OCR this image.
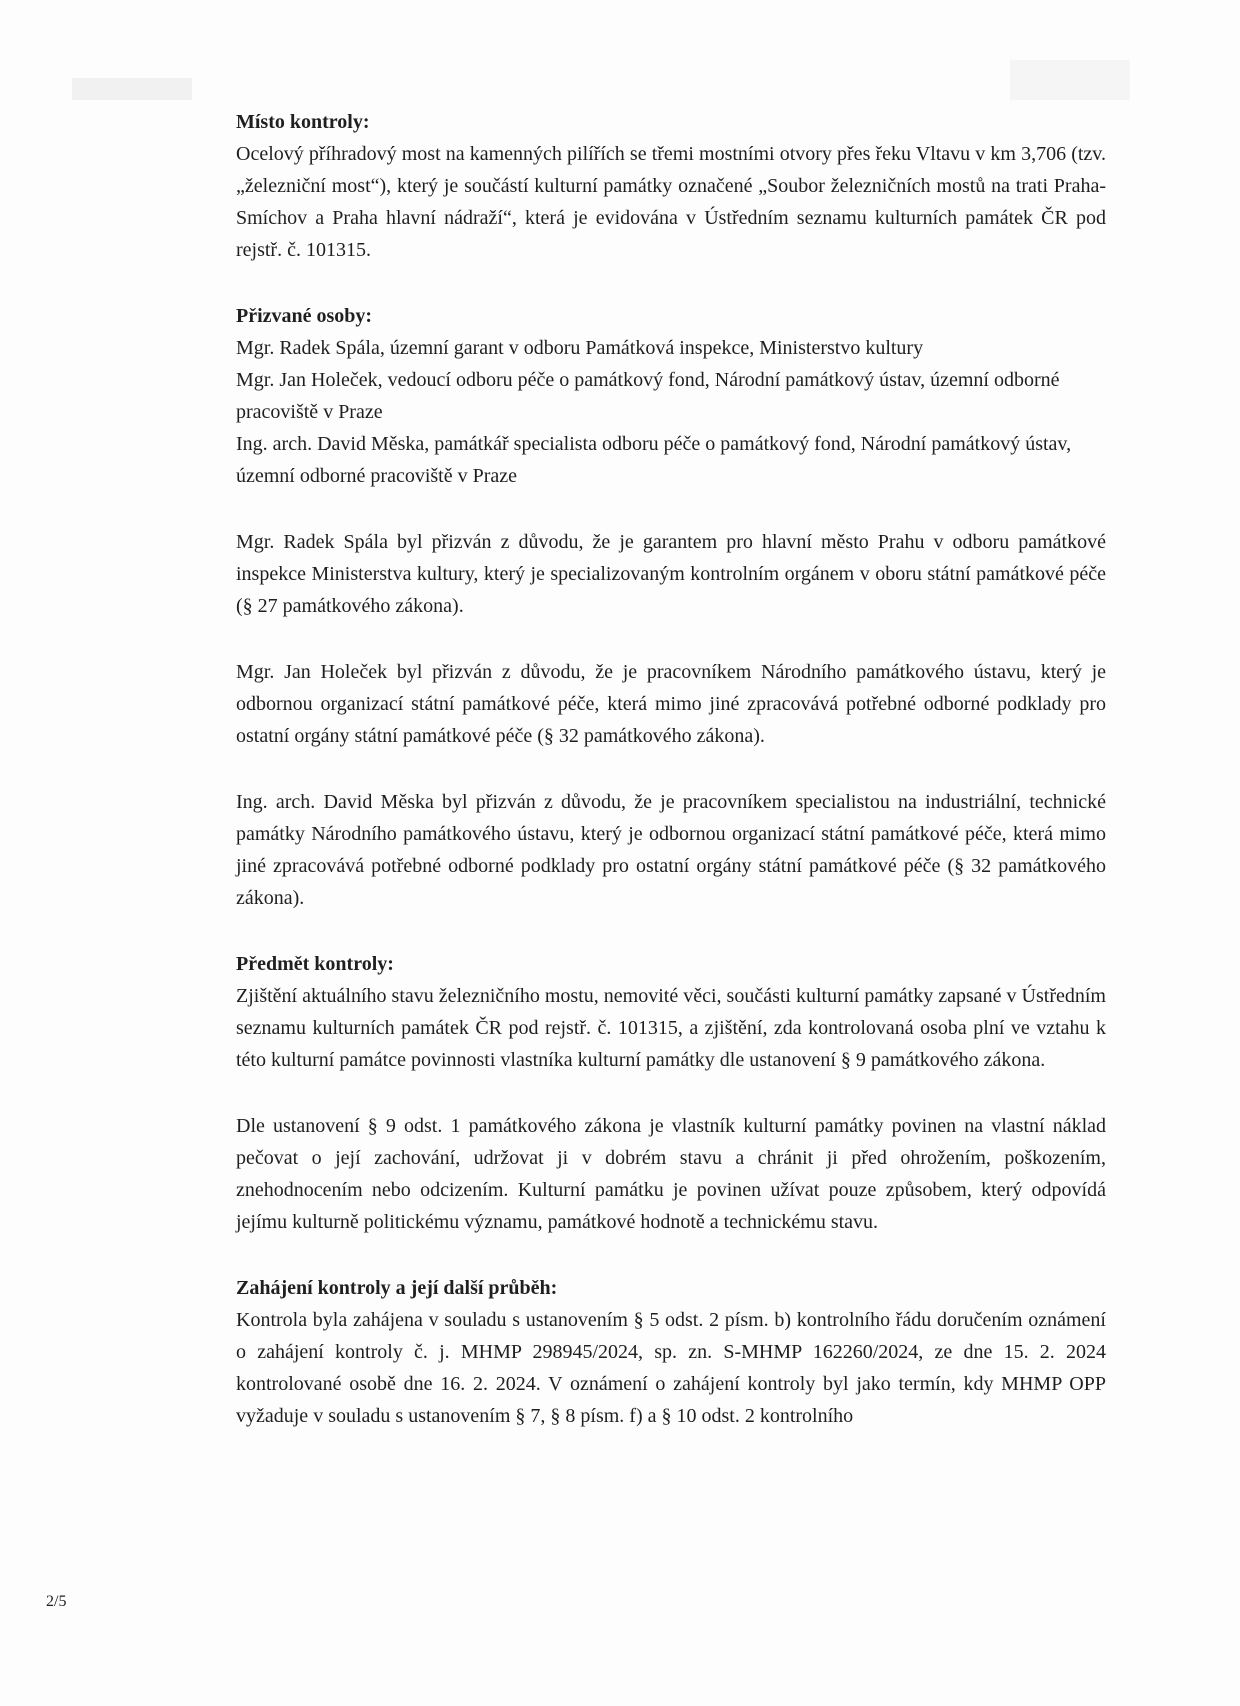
Místo kontroly:

Ocelový příhradový most na kamenných pilířích se třemi mostními otvory přes řeku Vltavu v km 3,706 (tzv. „železniční most“), který je součástí kulturní památky označené „Soubor železničních mostů na trati Praha-Smíchov a Praha hlavní nádraží“, která je evidována v Ústředním seznamu kulturních památek ČR pod rejstř. č. 101315.

Přizvané osoby:

Mgr. Radek Spála, územní garant v odboru Památková inspekce, Ministerstvo kultury

Mgr. Jan Holeček, vedoucí odboru péče o památkový fond, Národní památkový ústav, územní odborné pracoviště v Praze

Ing. arch. David Měska, památkář specialista odboru péče o památkový fond, Národní památkový ústav, územní odborné pracoviště v Praze

Mgr. Radek Spála byl přizván z důvodu, že je garantem pro hlavní město Prahu v odboru památkové inspekce Ministerstva kultury, který je specializovaným kontrolním orgánem v oboru státní památkové péče (§ 27 památkového zákona).

Mgr. Jan Holeček byl přizván z důvodu, že je pracovníkem Národního památkového ústavu, který je odbornou organizací státní památkové péče, která mimo jiné zpracovává potřebné odborné podklady pro ostatní orgány státní památkové péče (§ 32 památkového zákona).

Ing. arch. David Měska byl přizván z důvodu, že je pracovníkem specialistou na industriální, technické památky Národního památkového ústavu, který je odbornou organizací státní památkové péče, která mimo jiné zpracovává potřebné odborné podklady pro ostatní orgány státní památkové péče (§ 32 památkového zákona).

Předmět kontroly:

Zjištění aktuálního stavu železničního mostu, nemovité věci, součásti kulturní památky zapsané v Ústředním seznamu kulturních památek ČR pod rejstř. č. 101315, a zjištění, zda kontrolovaná osoba plní ve vztahu k této kulturní památce povinnosti vlastníka kulturní památky dle ustanovení § 9 památkového zákona.

Dle ustanovení § 9 odst. 1 památkového zákona je vlastník kulturní památky povinen na vlastní náklad pečovat o její zachování, udržovat ji v dobrém stavu a chránit ji před ohrožením, poškozením, znehodnocením nebo odcizením. Kulturní památku je povinen užívat pouze způsobem, který odpovídá jejímu kulturně politickému významu, památkové hodnotě a technickému stavu.

Zahájení kontroly a její další průběh:

Kontrola byla zahájena v souladu s ustanovením § 5 odst. 2 písm. b) kontrolního řádu doručením oznámení o zahájení kontroly č. j. MHMP 298945/2024, sp. zn. S-MHMP 162260/2024, ze dne 15. 2. 2024 kontrolované osobě dne 16. 2. 2024. V oznámení o zahájení kontroly byl jako termín, kdy MHMP OPP vyžaduje v souladu s ustanovením § 7, § 8 písm. f) a § 10 odst. 2 kontrolního

2/5
